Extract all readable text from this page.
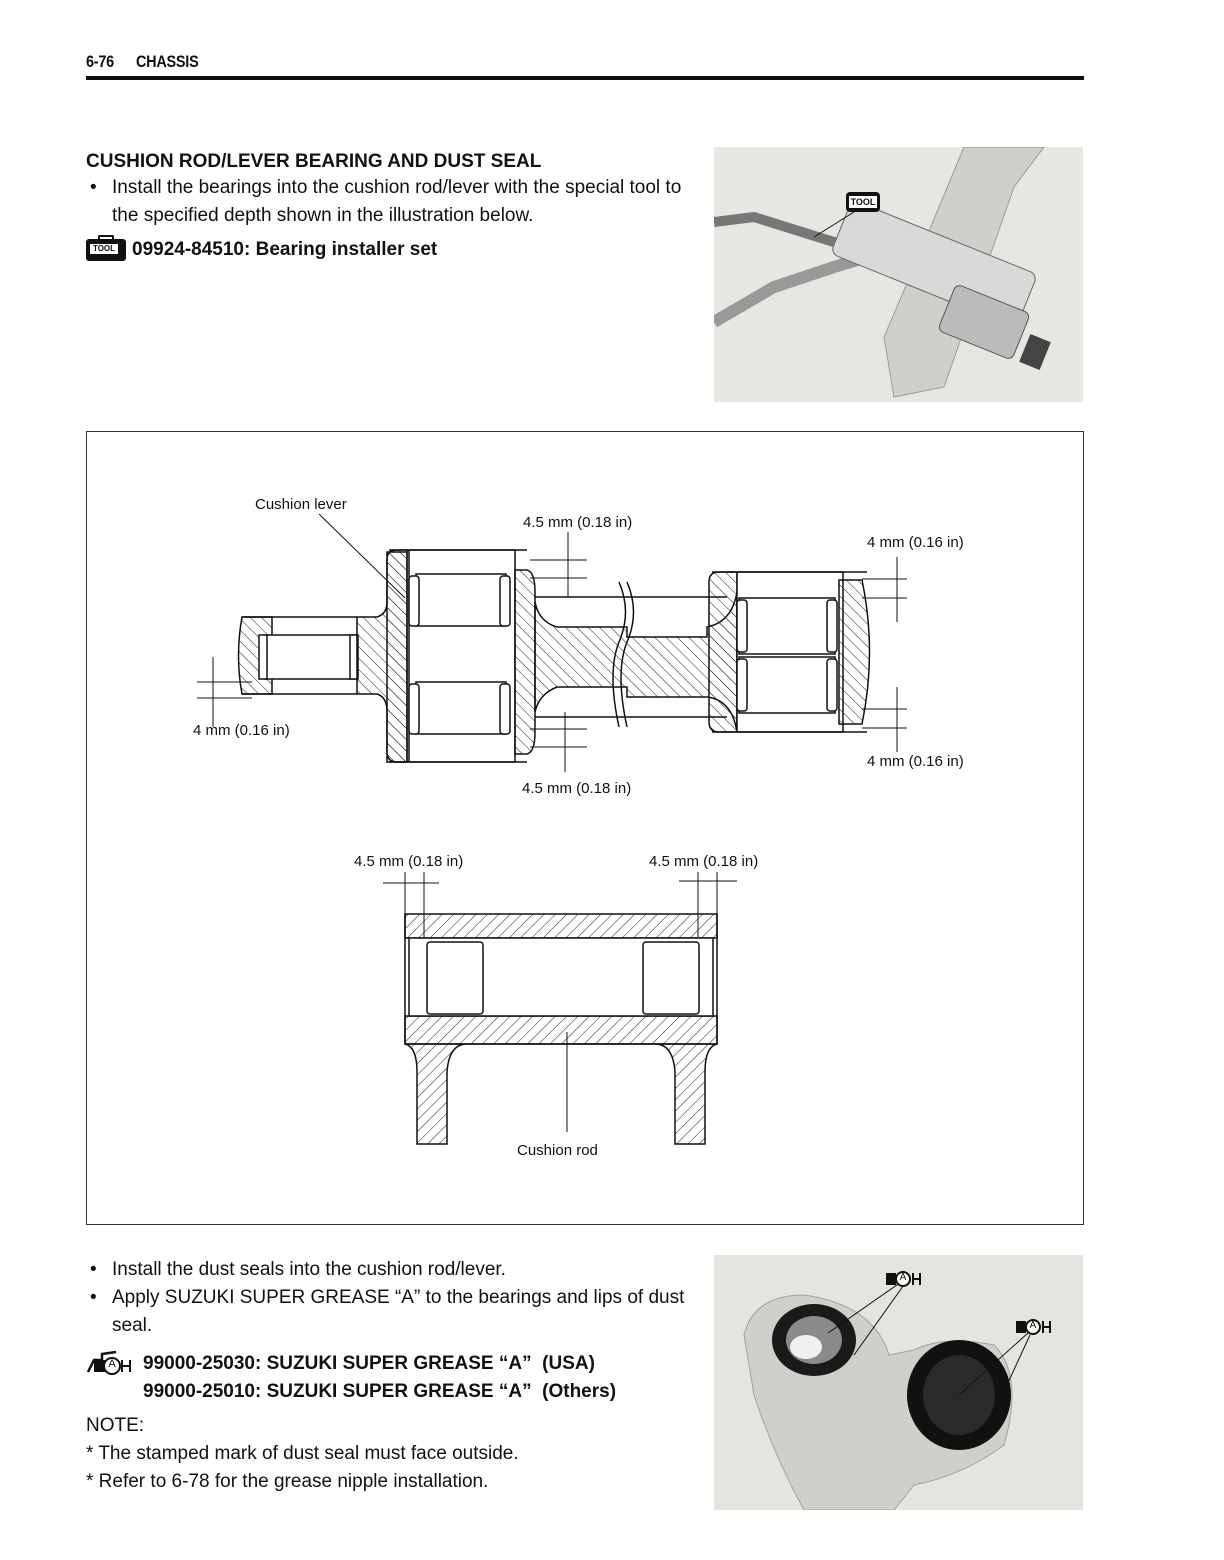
6-76 CHASSIS
CUSHION ROD/LEVER BEARING AND DUST SEAL
• Install the bearings into the cushion rod/lever with the special tool to the specified depth shown in the illustration below.
TOOL 09924-84510: Bearing installer set
TOOL
Cushion lever
4.5 mm (0.18 in)
4 mm (0.16 in)
4 mm (0.16 in)
4 mm (0.16 in)
4.5 mm (0.18 in)
4.5 mm (0.18 in)	4.5 mm (0.18 in)
Cushion rod
• Install the dust seals into the cushion rod/lever.
• Apply SUZUKI SUPER GREASE “A” to the bearings and lips of dust seal.
A 99000-25030: SUZUKI SUPER GREASE “A”  (USA)
99000-25010: SUZUKI SUPER GREASE “A”  (Others)
NOTE:
* The stamped mark of dust seal must face outside.
* Refer to 6-78 for the grease nipple installation.
A
A
